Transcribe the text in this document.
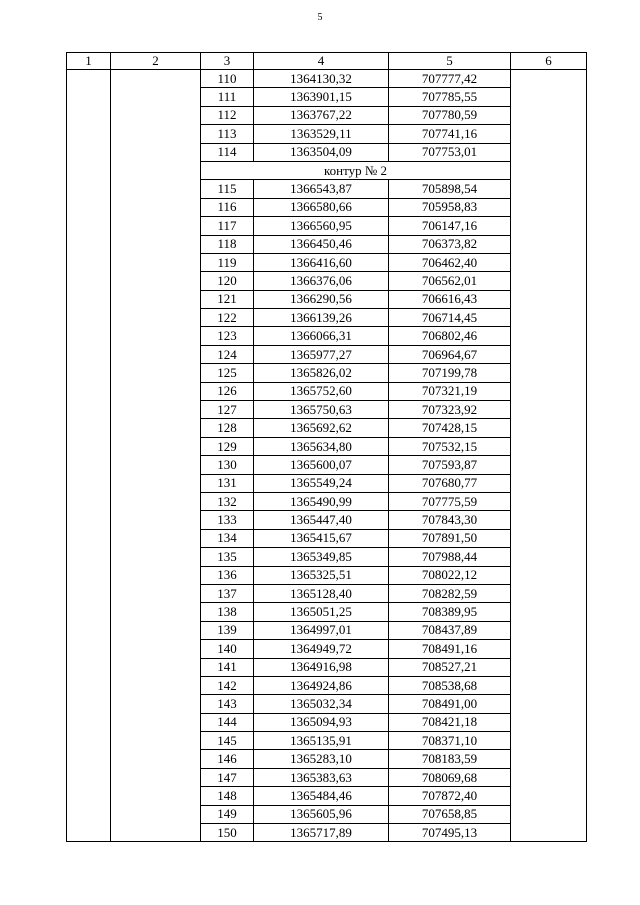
5
1	2	3	4	5	6
		110	1364130,32	707777,42	
		111	1363901,15	707785,55	
		112	1363767,22	707780,59	
		113	1363529,11	707741,16	
		114	1363504,09	707753,01	
		контур № 2			
		115	1366543,87	705898,54	
		116	1366580,66	705958,83	
		117	1366560,95	706147,16	
		118	1366450,46	706373,82	
		119	1366416,60	706462,40	
		120	1366376,06	706562,01	
		121	1366290,56	706616,43	
		122	1366139,26	706714,45	
		123	1366066,31	706802,46	
		124	1365977,27	706964,67	
		125	1365826,02	707199,78	
		126	1365752,60	707321,19	
		127	1365750,63	707323,92	
		128	1365692,62	707428,15	
		129	1365634,80	707532,15	
		130	1365600,07	707593,87	
		131	1365549,24	707680,77	
		132	1365490,99	707775,59	
		133	1365447,40	707843,30	
		134	1365415,67	707891,50	
		135	1365349,85	707988,44	
		136	1365325,51	708022,12	
		137	1365128,40	708282,59	
		138	1365051,25	708389,95	
		139	1364997,01	708437,89	
		140	1364949,72	708491,16	
		141	1364916,98	708527,21	
		142	1364924,86	708538,68	
		143	1365032,34	708491,00	
		144	1365094,93	708421,18	
		145	1365135,91	708371,10	
		146	1365283,10	708183,59	
		147	1365383,63	708069,68	
		148	1365484,46	707872,40	
		149	1365605,96	707658,85	
		150	1365717,89	707495,13	
